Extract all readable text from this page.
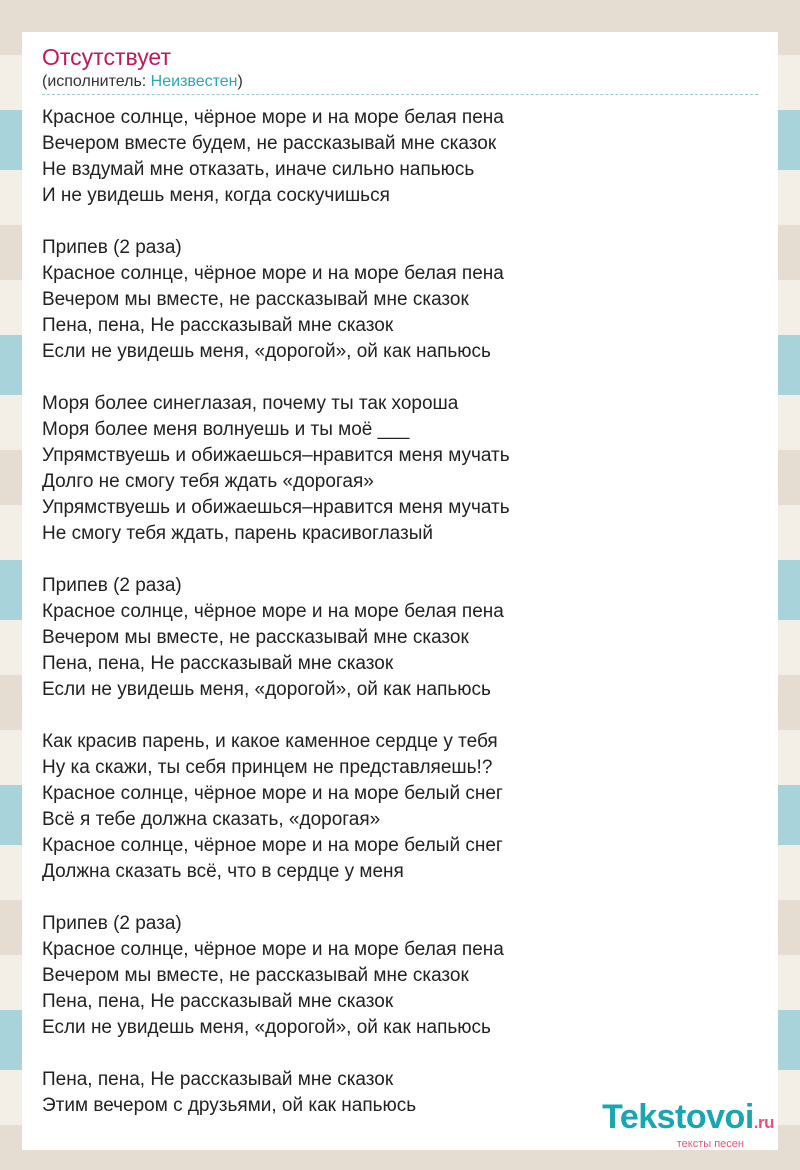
Отсутствует
(исполнитель: Неизвестен)
Красное солнце, чёрное море и на море белая пена
Вечером вместе будем, не рассказывай мне сказок
Не вздумай мне отказать, иначе сильно напьюсь
И не увидешь меня, когда соскучишься
Припев (2 раза)
Красное солнце, чёрное море и на море белая пена
Вечером мы вместе, не рассказывай мне сказок
Пена, пена, Не рассказывай мне сказок
Если не увидешь меня, «дорогой», ой как напьюсь
Моря более синеглазая, почему ты так хороша
Моря более меня волнуешь и ты моё ___
Упрямствуешь и обижаешься–нравится меня мучать
Долго не смогу тебя ждать «дорогая»
Упрямствуешь и обижаешься–нравится меня мучать
Не смогу тебя ждать, парень красивоглазый
Припев (2 раза)
Красное солнце, чёрное море и на море белая пена
Вечером мы вместе, не рассказывай мне сказок
Пена, пена, Не рассказывай мне сказок
Если не увидешь меня, «дорогой», ой как напьюсь
Как красив парень, и какое каменное сердце у тебя
Ну ка скажи, ты себя принцем не представляешь!?
Красное солнце, чёрное море и на море белый снег
Всё я тебе должна сказать, «дорогая»
Красное солнце, чёрное море и на море белый снег
Должна сказать всё, что в сердце у меня
Припев (2 раза)
Красное солнце, чёрное море и на море белая пена
Вечером мы вместе, не рассказывай мне сказок
Пена, пена, Не рассказывай мне сказок
Если не увидешь меня, «дорогой», ой как напьюсь
Пена, пена, Не рассказывай мне сказок
Этим вечером с друзьями, ой как напьюсь	Tekstovoi.ru
тексты песен
